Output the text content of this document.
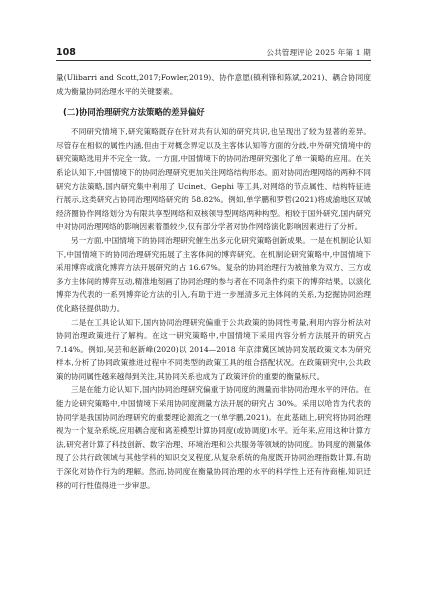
108	公共管理评论 2025 年第 1 期

量(Ulibarri and Scott,2017;Fowler,2019)、协作意愿(镇利锋和陈斌,2021)、耦合协同度成为衡量协同治理水平的关键要素。

(二)协同治理研究方法策略的差异偏好

不同研究情境下,研究策略既存在针对共有认知的研究共识,也呈现出了较为显著的差异。尽管存在相似的属性内涵,但由于对概念界定以及主客体认知等方面的分歧,中外研究情境中的研究策略选用并不完全一致。一方面,中国情境下的协同治理研究强化了单一策略的应用。在关系论认知下,中国情境下的协同治理研究更加关注网络结构形态。面对协同治理网络的两种不同研究方法策略,国内研究集中利用了 Ucinet、Gephi 等工具,对网络的节点属性、结构特征进行展示,这类研究占协同治理网络研究的 58.82%。例如,单学鹏和罗哲(2021)将成渝地区双城经济圈协作网络划分为有限共享型网络和双核领导型网络两种构型。相较于国外研究,国内研究中对协同治理网络的影响因素着墨较少,仅有部分学者对协作网络演化影响因素进行了分析。

另一方面,中国情境下的协同治理研究催生出多元化研究策略创新成果。一是在机制论认知下,中国情境下的协同治理研究拓展了主客体间的博弈研究。在机制论研究策略中,中国情境下采用博弈或演化博弈方法开展研究的占 16.67%。复杂的协同治理行为被抽象为双方、三方或多方主体间的博弈互动,精准地刻画了协同治理的参与者在不同条件约束下的博弈结果。以演化博弈为代表的一系列博弈论方法的引入,有助于进一步厘清多元主体间的关系,为挖掘协同治理优化路径提供助力。

二是在工具论认知下,国内协同治理研究偏重于公共政策的协同性考量,利用内容分析法对协同治理政策进行了解构。在这一研究策略中,中国情境下采用内容分析方法展开的研究占 7.14%。例如,吴芸和赵新峰(2020)以 2014—2018 年京津冀区域协同发展政策文本为研究样本,分析了协同政策推进过程中不同类型的政策工具的组合搭配状况。在政策研究中,公共政策的协同属性越来越得到关注,其协同关系也成为了政策评价的重要的衡量标尺。

三是在能力论认知下,国内协同治理研究偏重于协同度的测量而非协同治理水平的评估。在能力论研究策略中,中国情境下采用协同度测量方法开展的研究占 30%。采用以哈肯为代表的协同学是我国协同治理研究的重要理论源流之一(单学鹏,2021)。在此基础上,研究将协同治理视为一个复杂系统,应用耦合度和离差模型计算协同度(或协调度)水平。近年来,应用这种计算方法,研究者计算了科技创新、数字治理、环境治理和公共服务等领域的协同度。协同度的测量体现了公共行政领域与其他学科的知识交叉程度,从复杂系统的角度既开协同治理指数计算,有助于深化对协作行为的理解。然而,协同度在衡量协同治理的水平的科学性上还有待商榷,知识迁移的可行性值得进一步审思。
